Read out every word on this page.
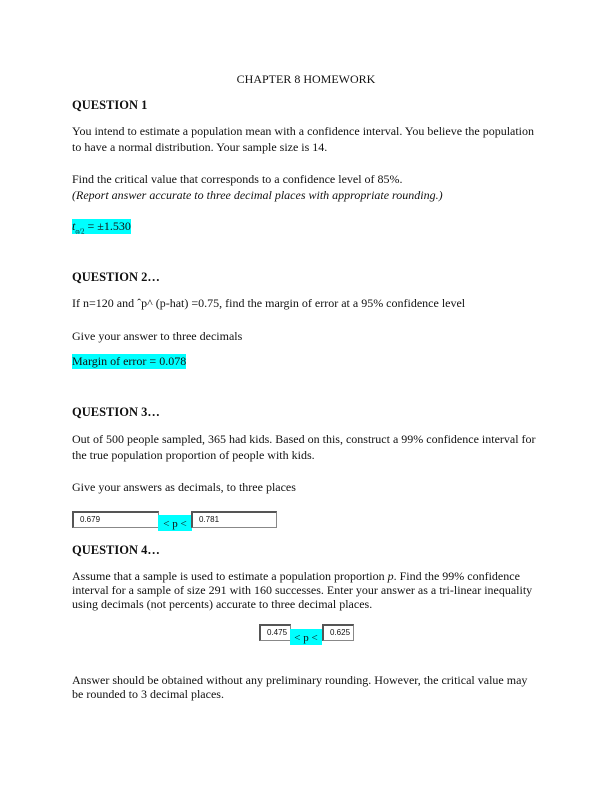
CHAPTER 8 HOMEWORK
QUESTION 1
You intend to estimate a population mean with a confidence interval. You believe the population
to have a normal distribution. Your sample size is 14.
Find the critical value that corresponds to a confidence level of 85%.
(Report answer accurate to three decimal places with appropriate rounding.)
$t_{\alpha/2} = \pm 1.530$
QUESTION 2…
If n=120 and ˆp^ (p-hat) =0.75, find the margin of error at a 95% confidence level
Give your answer to three decimals
Margin of error = 0.078
QUESTION 3…
Out of 500 people sampled, 365 had kids. Based on this, construct a 99% confidence interval for
the true population proportion of people with kids.
Give your answers as decimals, to three places
0.679	< p <	0.781
QUESTION 4…
Assume that a sample is used to estimate a population proportion p. Find the 99% confidence
interval for a sample of size 291 with 160 successes. Enter your answer as a tri-linear inequality
using decimals (not percents) accurate to three decimal places.
0.475 < p <	0.625
Answer should be obtained without any preliminary rounding. However, the critical value may
be rounded to 3 decimal places.
